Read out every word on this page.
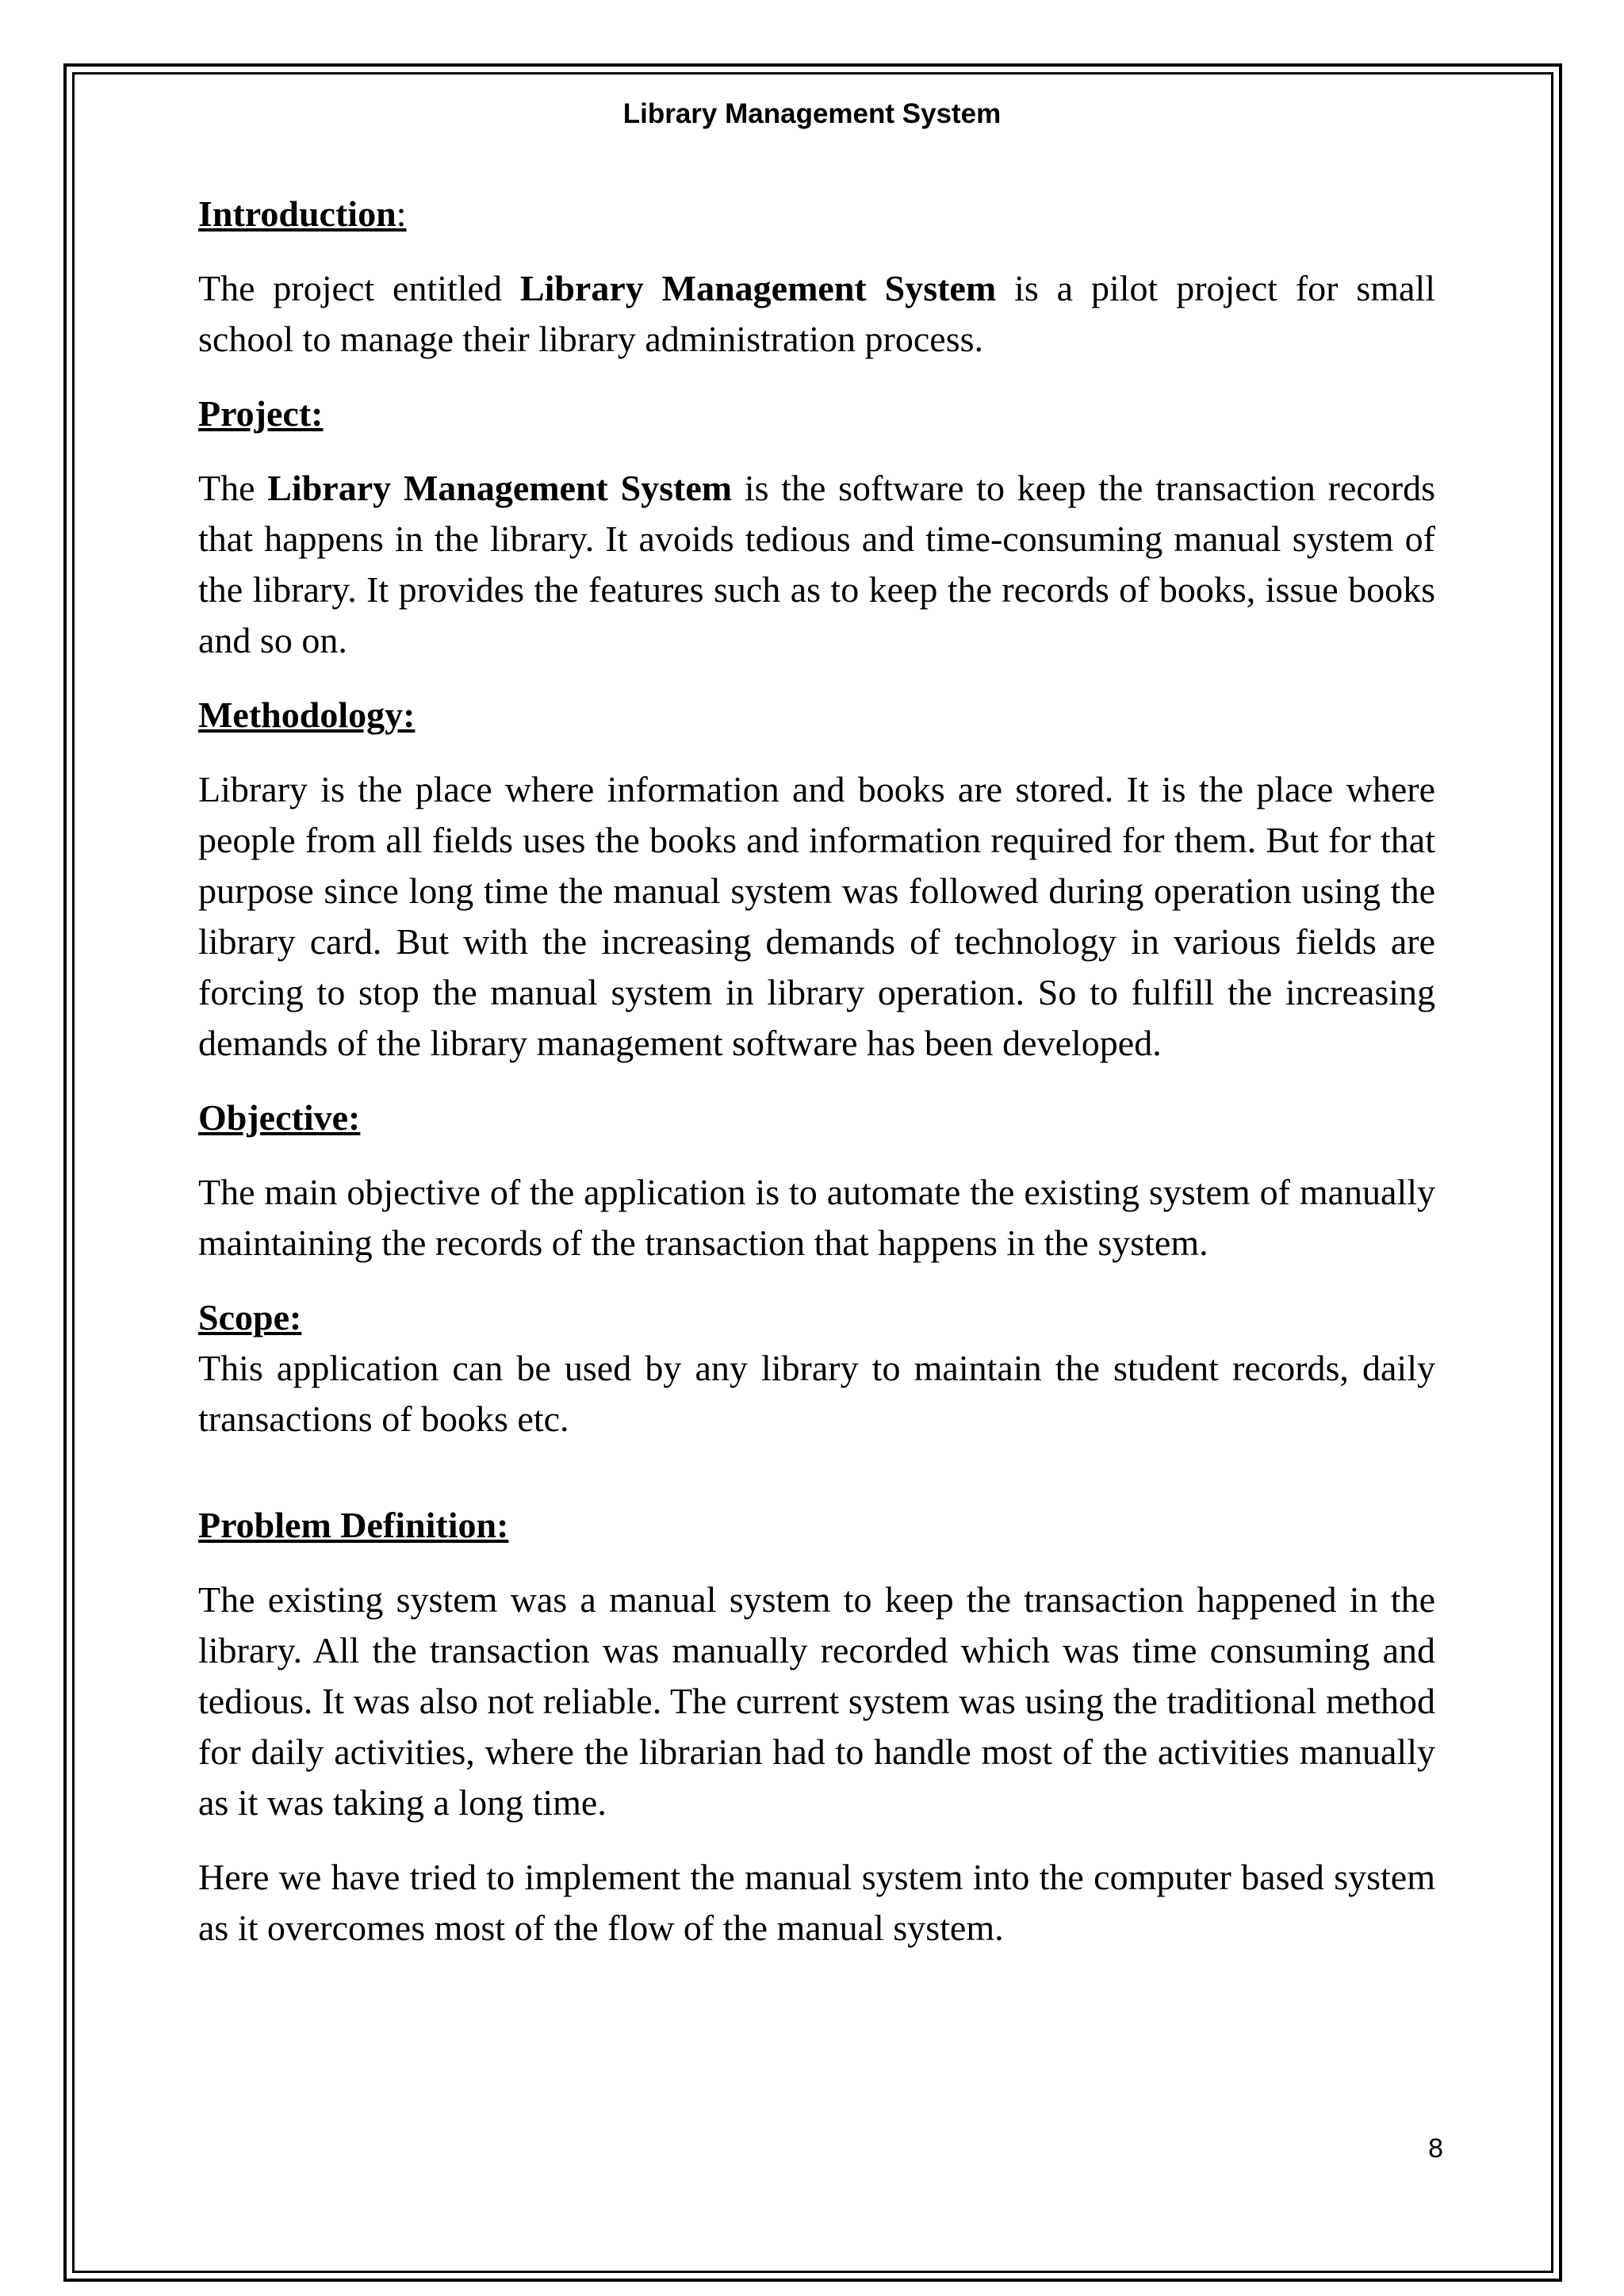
Library Management System

Introduction:

The project entitled Library Management System is a pilot project for small school to manage their library administration process.

Project:

The Library Management System is the software to keep the transaction records that happens in the library. It avoids tedious and time-consuming manual system of the library. It provides the features such as to keep the records of books, issue books and so on.

Methodology:

Library is the place where information and books are stored. It is the place where people from all fields uses the books and information required for them. But for that purpose since long time the manual system was followed during operation using the library card. But with the increasing demands of technology in various fields are forcing to stop the manual system in library operation. So to fulfill the increasing demands of the library management software has been developed.

Objective:

The main objective of the application is to automate the existing system of manually maintaining the records of the transaction that happens in the system.

Scope:

This application can be used by any library to maintain the student records, daily transactions of books etc.

Problem Definition:

The existing system was a manual system to keep the transaction happened in the library. All the transaction was manually recorded which was time consuming and tedious. It was also not reliable. The current system was using the traditional method for daily activities, where the librarian had to handle most of the activities manually as it was taking a long time.

Here we have tried to implement the manual system into the computer based system as it overcomes most of the flow of the manual system.

8
